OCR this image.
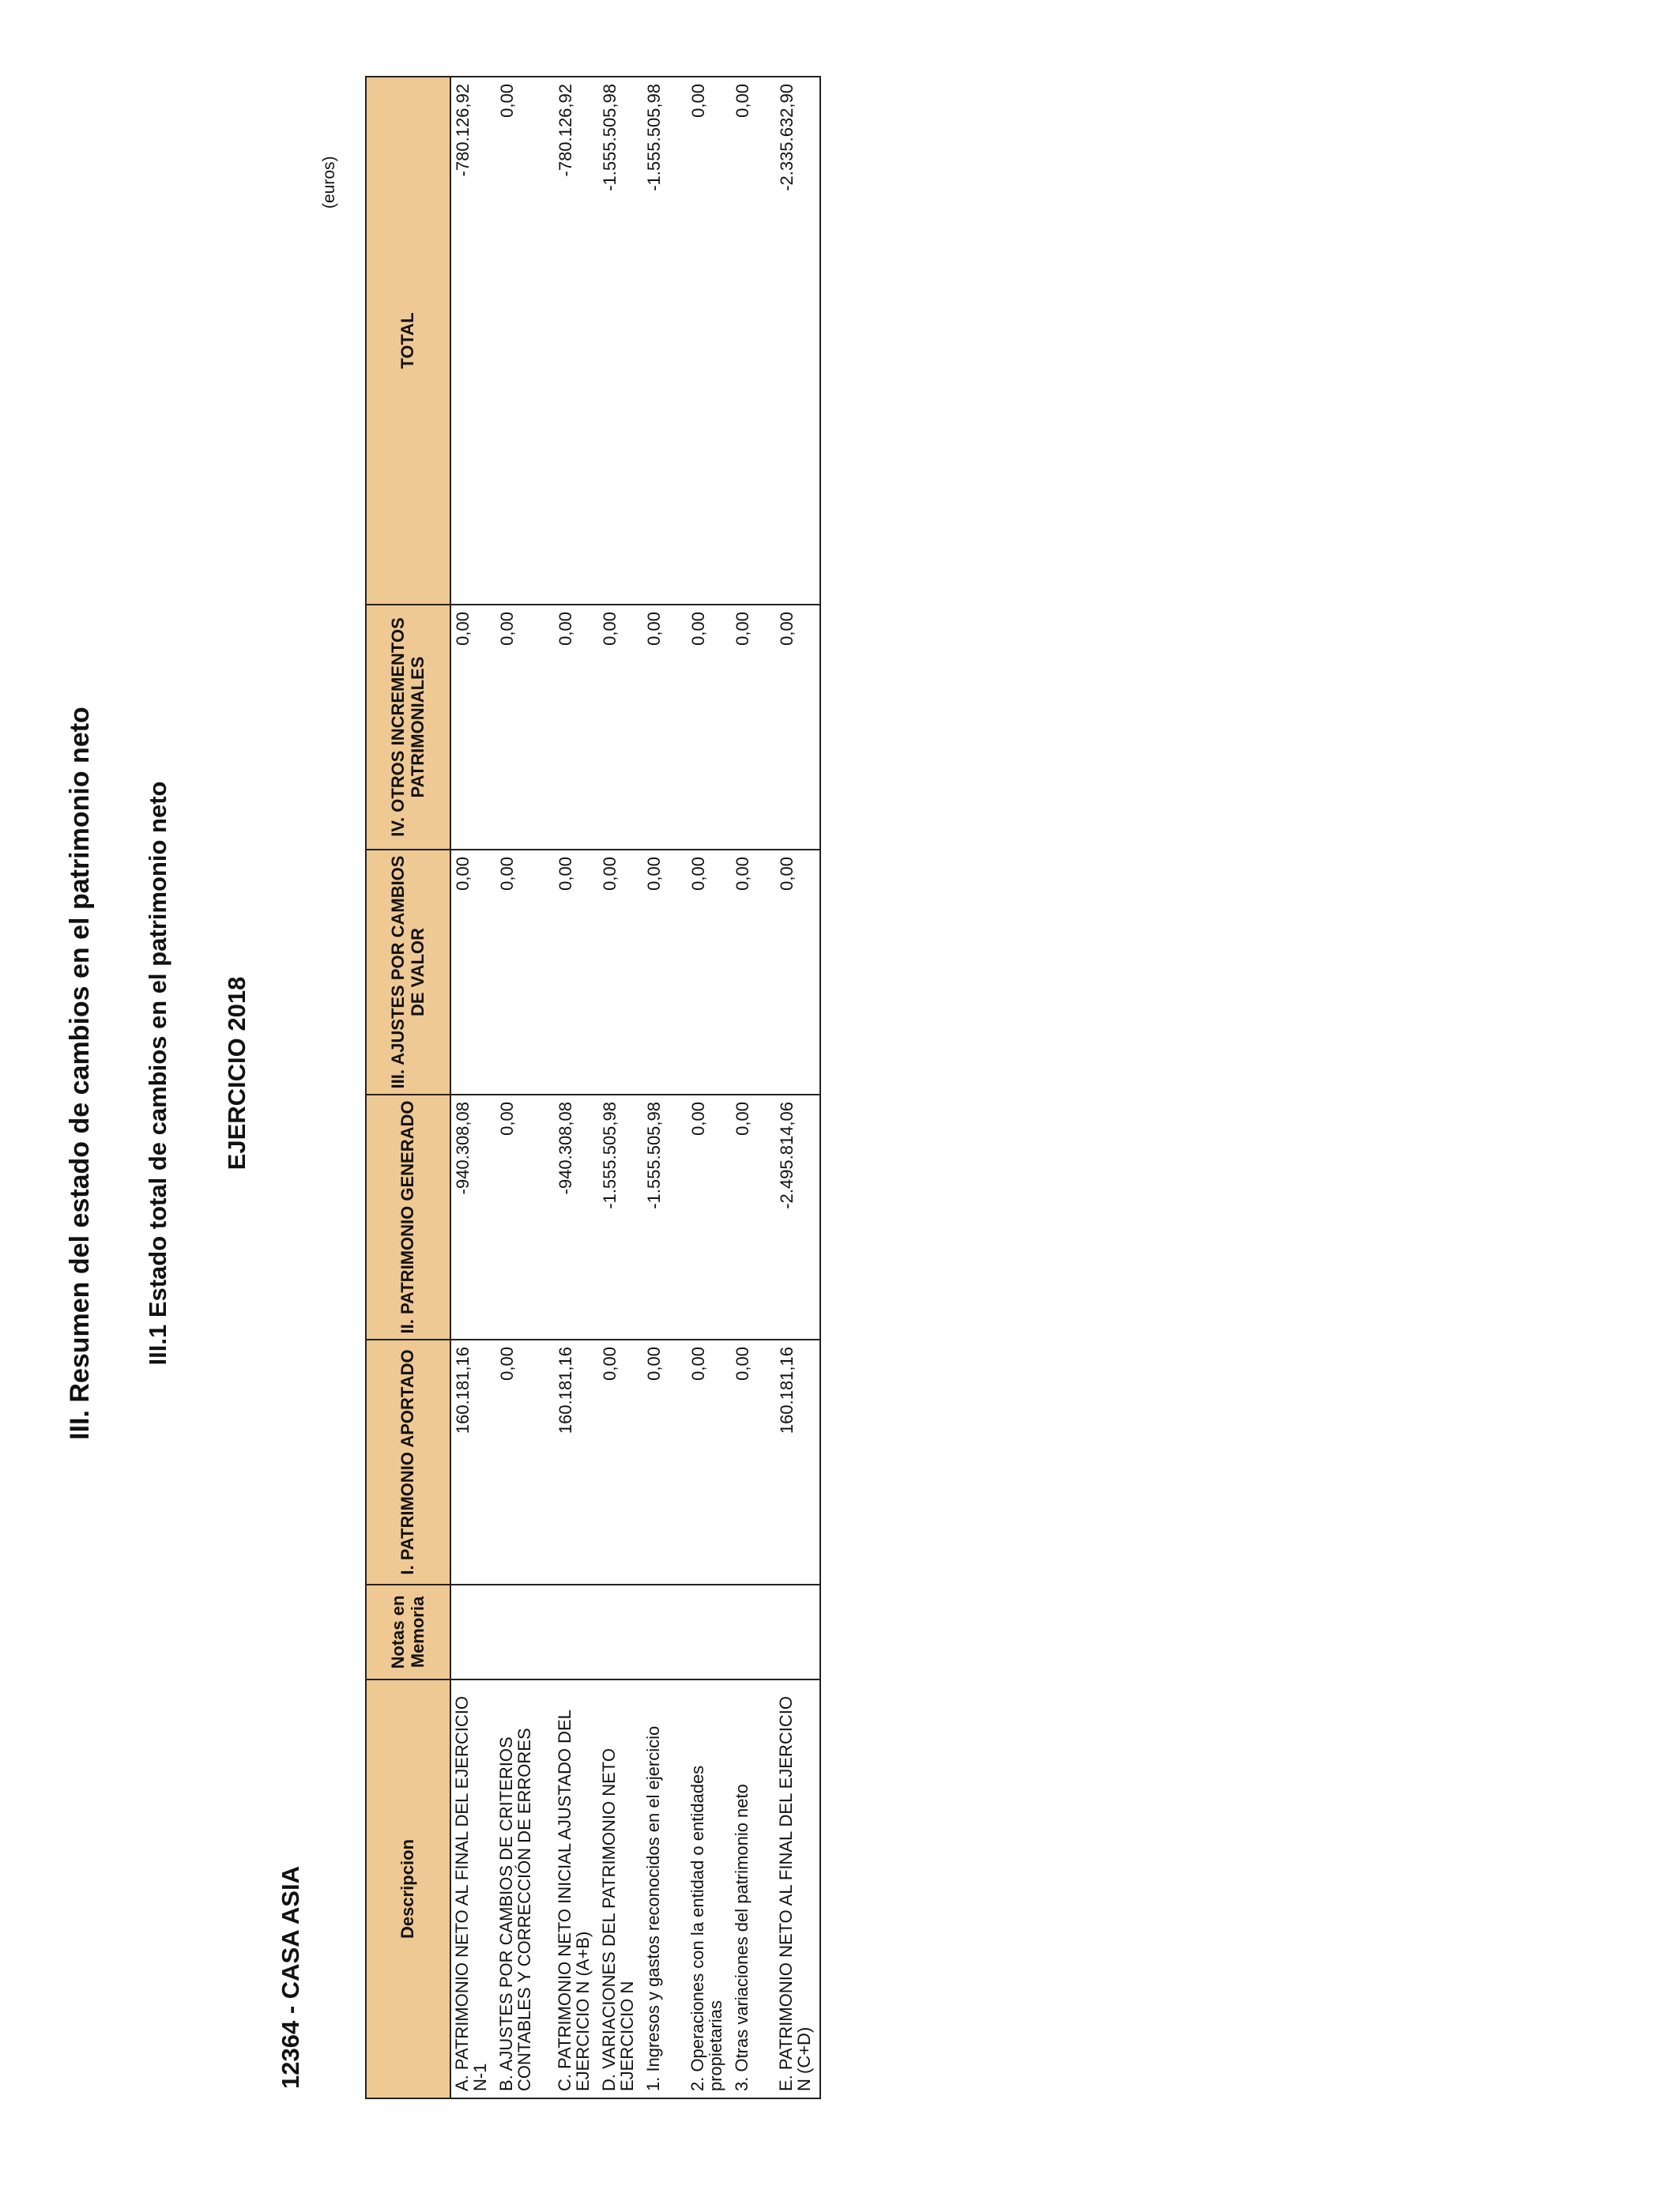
III. Resumen del estado de cambios en el patrimonio neto III.1 Estado total de cambios en el patrimonio neto EJERCICIO 2018
12364 - CASA ASIA
(euros)
Descripcion	Notas en Memoria	I. PATRIMONIO APORTADO	II. PATRIMONIO GENERADO	III. AJUSTES POR CAMBIOS DE VALOR	IV. OTROS INCREMENTOS PATRIMONIALES	TOTAL
A. PATRIMONIO NETO AL FINAL DEL EJERCICIO N-1		160.181,16	-940.308,08	0,00	0,00	-780.126,92
B. AJUSTES POR CAMBIOS DE CRITERIOS CONTABLES Y CORRECCIÓN DE ERRORES		0,00	0,00	0,00	0,00	0,00
C. PATRIMONIO NETO INICIAL AJUSTADO DEL EJERCICIO N (A+B)		160.181,16	-940.308,08	0,00	0,00	-780.126,92
D. VARIACIONES DEL PATRIMONIO NETO EJERCICIO N		0,00	-1.555.505,98	0,00	0,00	-1.555.505,98
1. Ingresos y gastos reconocidos en el ejercicio		0,00	-1.555.505,98	0,00	0,00	-1.555.505,98
2. Operaciones con la entidad o entidades propietarias		0,00	0,00	0,00	0,00	0,00
3. Otras variaciones del patrimonio neto		0,00	0,00	0,00	0,00	0,00
E. PATRIMONIO NETO AL FINAL DEL EJERCICIO N (C+D)		160.181,16	-2.495.814,06	0,00	0,00	-2.335.632,90
